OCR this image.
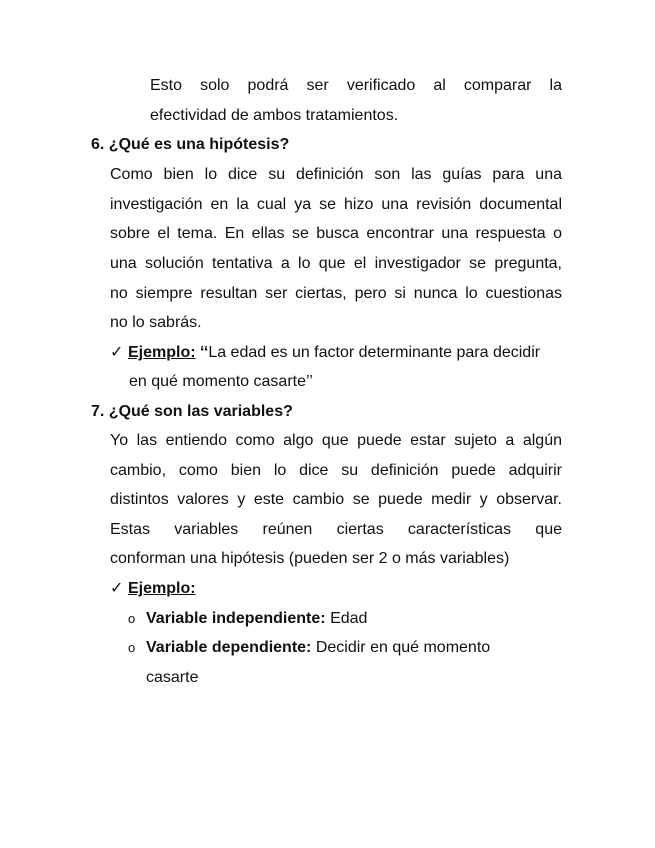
Esto solo podrá ser verificado al comparar la
efectividad de ambos tratamientos.
6. ¿Qué es una hipótesis?
Como bien lo dice su definición son las guías para una
investigación en la cual ya se hizo una revisión documental
sobre el tema. En ellas se busca encontrar una respuesta o
una solución tentativa a lo que el investigador se pregunta,
no siempre resultan ser ciertas, pero si nunca lo cuestionas
no lo sabrás.
✓ Ejemplo: ‘‘La edad es un factor determinante para decidir
en qué momento casarte’’
7. ¿Qué son las variables?
Yo las entiendo como algo que puede estar sujeto a algún
cambio, como bien lo dice su definición puede adquirir
distintos valores y este cambio se puede medir y observar.
Estas variables reúnen ciertas características que
conforman una hipótesis (pueden ser 2 o más variables)
✓ Ejemplo:
o Variable independiente: Edad
o Variable dependiente: Decidir en qué momento
casarte
